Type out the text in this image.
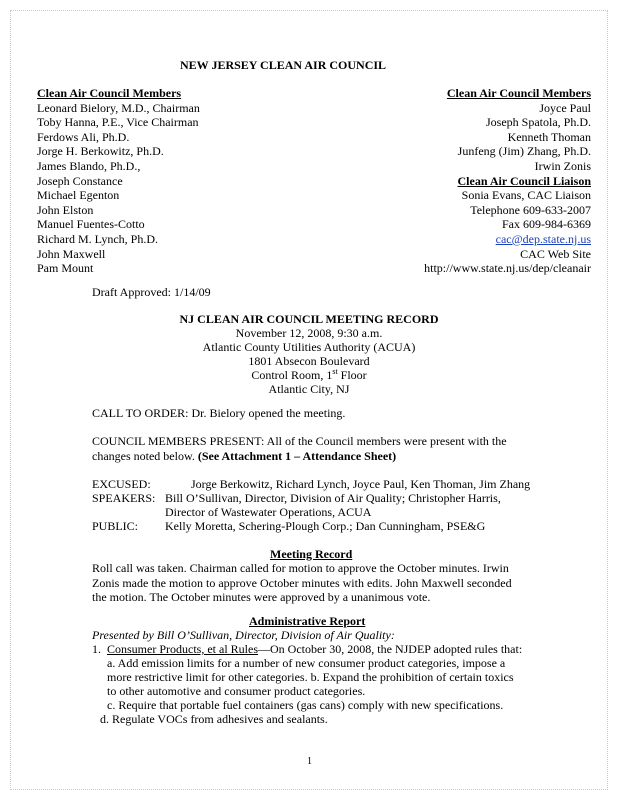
NEW JERSEY CLEAN AIR COUNCIL
Clean Air Council Members
Leonard Bielory, M.D., Chairman
Toby Hanna, P.E., Vice Chairman
Ferdows Ali, Ph.D.
Jorge H. Berkowitz, Ph.D.
James Blando, Ph.D.,
Joseph Constance
Michael Egenton
John Elston
Manuel Fuentes-Cotto
Richard M. Lynch, Ph.D.
John Maxwell
Pam Mount
Clean Air Council Members
Joyce Paul
Joseph Spatola, Ph.D.
Kenneth Thoman
Junfeng (Jim) Zhang, Ph.D.
Irwin Zonis
Clean Air Council Liaison
Sonia Evans, CAC Liaison
Telephone 609-633-2007
Fax 609-984-6369
cac@dep.state.nj.us
CAC Web Site
http://www.state.nj.us/dep/cleanair
Draft Approved: 1/14/09
NJ CLEAN AIR COUNCIL MEETING RECORD
November 12, 2008, 9:30 a.m.
Atlantic County Utilities Authority (ACUA)
1801 Absecon Boulevard
Control Room, 1st Floor
Atlantic City, NJ
CALL TO ORDER: Dr. Bielory opened the meeting.
COUNCIL MEMBERS PRESENT: All of the Council members were present with the
changes noted below. (See Attachment 1 – Attendance Sheet)
EXCUSED:	Jorge Berkowitz, Richard Lynch, Joyce Paul, Ken Thoman, Jim Zhang
SPEAKERS: Bill O’Sullivan, Director, Division of Air Quality; Christopher Harris,
Director of Wastewater Operations, ACUA
PUBLIC: Kelly Moretta, Schering-Plough Corp.; Dan Cunningham, PSE&G
Meeting Record
Roll call was taken. Chairman called for motion to approve the October minutes. Irwin
Zonis made the motion to approve October minutes with edits. John Maxwell seconded
the motion. The October minutes were approved by a unanimous vote.
Administrative Report
Presented by Bill O’Sullivan, Director, Division of Air Quality:
1. Consumer Products, et al Rules—On October 30, 2008, the NJDEP adopted rules that:
a. Add emission limits for a number of new consumer product categories, impose a
more restrictive limit for other categories. b. Expand the prohibition of certain toxics
to other automotive and consumer product categories.
c. Require that portable fuel containers (gas cans) comply with new specifications.
d. Regulate VOCs from adhesives and sealants.
1
